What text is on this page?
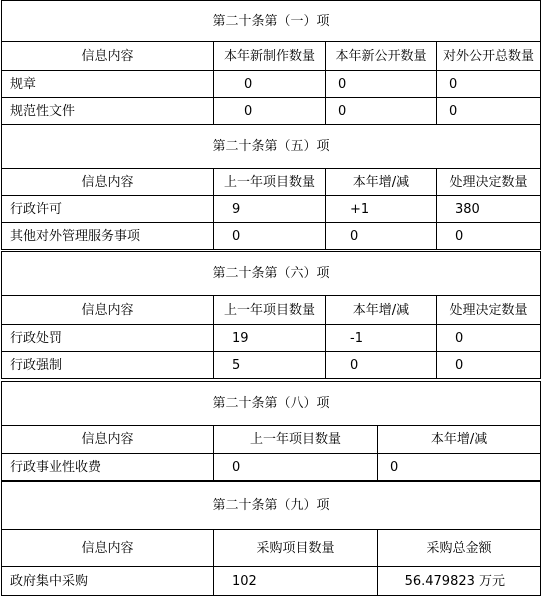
第二十条第（一）项			
信息内容	本年新制作数量	本年新公开数量	对外公开总数量
规章	0	0	0
规范性文件	0	0	0
第二十条第（五）项			
信息内容	上一年项目数量	本年增/减	处理决定数量
行政许可	9	+1	380
其他对外管理服务事项	0	0	0
第二十条第（六）项			
信息内容	上一年项目数量	本年增/减	处理决定数量
行政处罚	19	-1	0
行政强制	5	0	0
第二十条第（八）项		
信息内容	上一年项目数量	本年增/减
行政事业性收费	0	0
第二十条第（九）项		
信息内容	采购项目数量	采购总金额
政府集中采购	102	56.479823 万元
